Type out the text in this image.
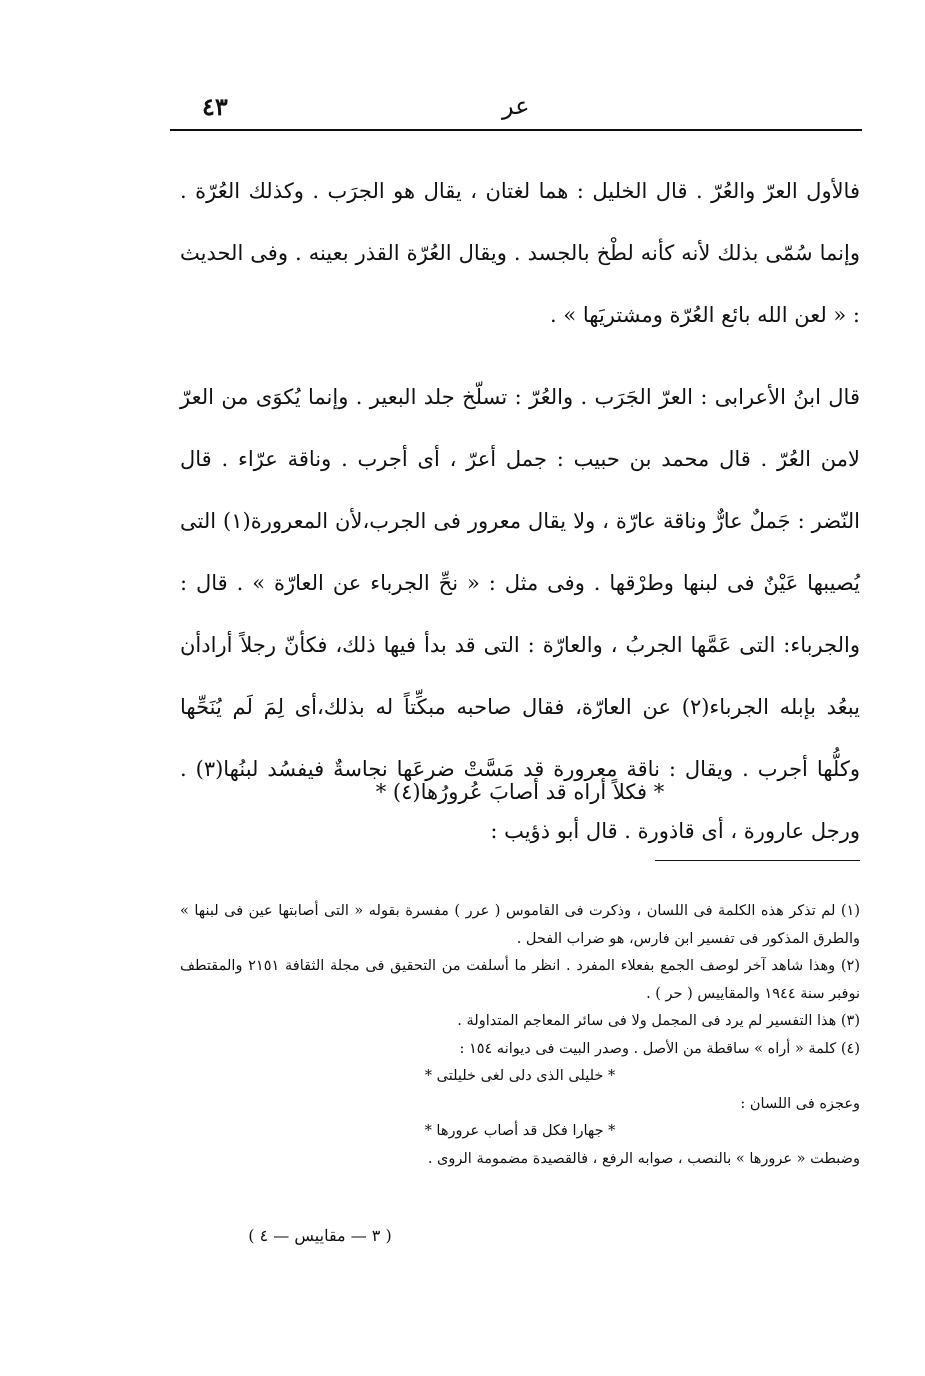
٤٣	عر

فالأول العرّ والعُرّ . قال الخليل : هما لغتان ، يقال هو الجرَب . وكذلك العُرّة . وإنما سُمّى بذلك لأنه كأنه لطْخ بالجسد . ويقال العُرّة القذر بعينه . وفى الحديث : « لعن الله بائع العُرّة ومشتريَها » .

قال ابنُ الأعرابى : العرّ الجَرَب . والعُرّ : تسلّخ جلد البعير . وإنما يُكوَى من العرّ لامن العُرّ . قال محمد بن حبيب : جمل أعرّ ، أى أجرب . وناقة عرّاء . قال النّضر : جَملٌ عارٌّ وناقة عارّة ، ولا يقال معرور فى الجرب،لأن المعرورة(١) التى يُصيبها عَيْنٌ فى لبنها وطرْقها . وفى مثل : « نحِّ الجرباء عن العارّة » . قال : والجرباء: التى عَمَّها الجربُ ، والعارّة : التى قد بدأ فيها ذلك، فكأنّ رجلاً أرادأن يبعُد بإبله الجرباء(٢) عن العارّة، فقال صاحبه مبكِّتاً له بذلك،أى لِمَ لَم يُنَحِّها وكلُّها أجرب . ويقال : ناقة معرورة قد مَسَّتْ ضرعَها نجاسةٌ فيفسُد لبنُها(٣) . ورجل عارورة ، أى قاذورة . قال أبو ذؤيب :

* فكلاً أراه قد أصابَ عُرورُها(٤) *

(١) لم تذكر هذه الكلمة فى اللسان ، وذكرت فى القاموس ( عرر ) مفسرة بقوله « التى أصابتها عين فى لبنها » والطرق المذكور فى تفسير ابن فارس، هو ضراب الفحل .

(٢) وهذا شاهد آخر لوصف الجمع بفعلاء المفرد . انظر ما أسلفت من التحقيق فى مجلة الثقافة ٢١٥١ والمقتطف نوفبر سنة ١٩٤٤ والمقاييس ( حر ) .

(٣) هذا التفسير لم يرد فى المجمل ولا فى سائر المعاجم المتداولة .

(٤) كلمة « أراه » ساقطة من الأصل . وصدر البيت فى ديوانه ١٥٤ :

* خليلى الذى دلى لغى خليلتى *

وعجزه فى اللسان :

* جهارا فكل قد أصاب عرورها *

وضبطت « عرورها » بالنصب ، صوابه الرفع ، فالقصيدة مضمومة الروى .

( ٣ — مقاييس — ٤ )
